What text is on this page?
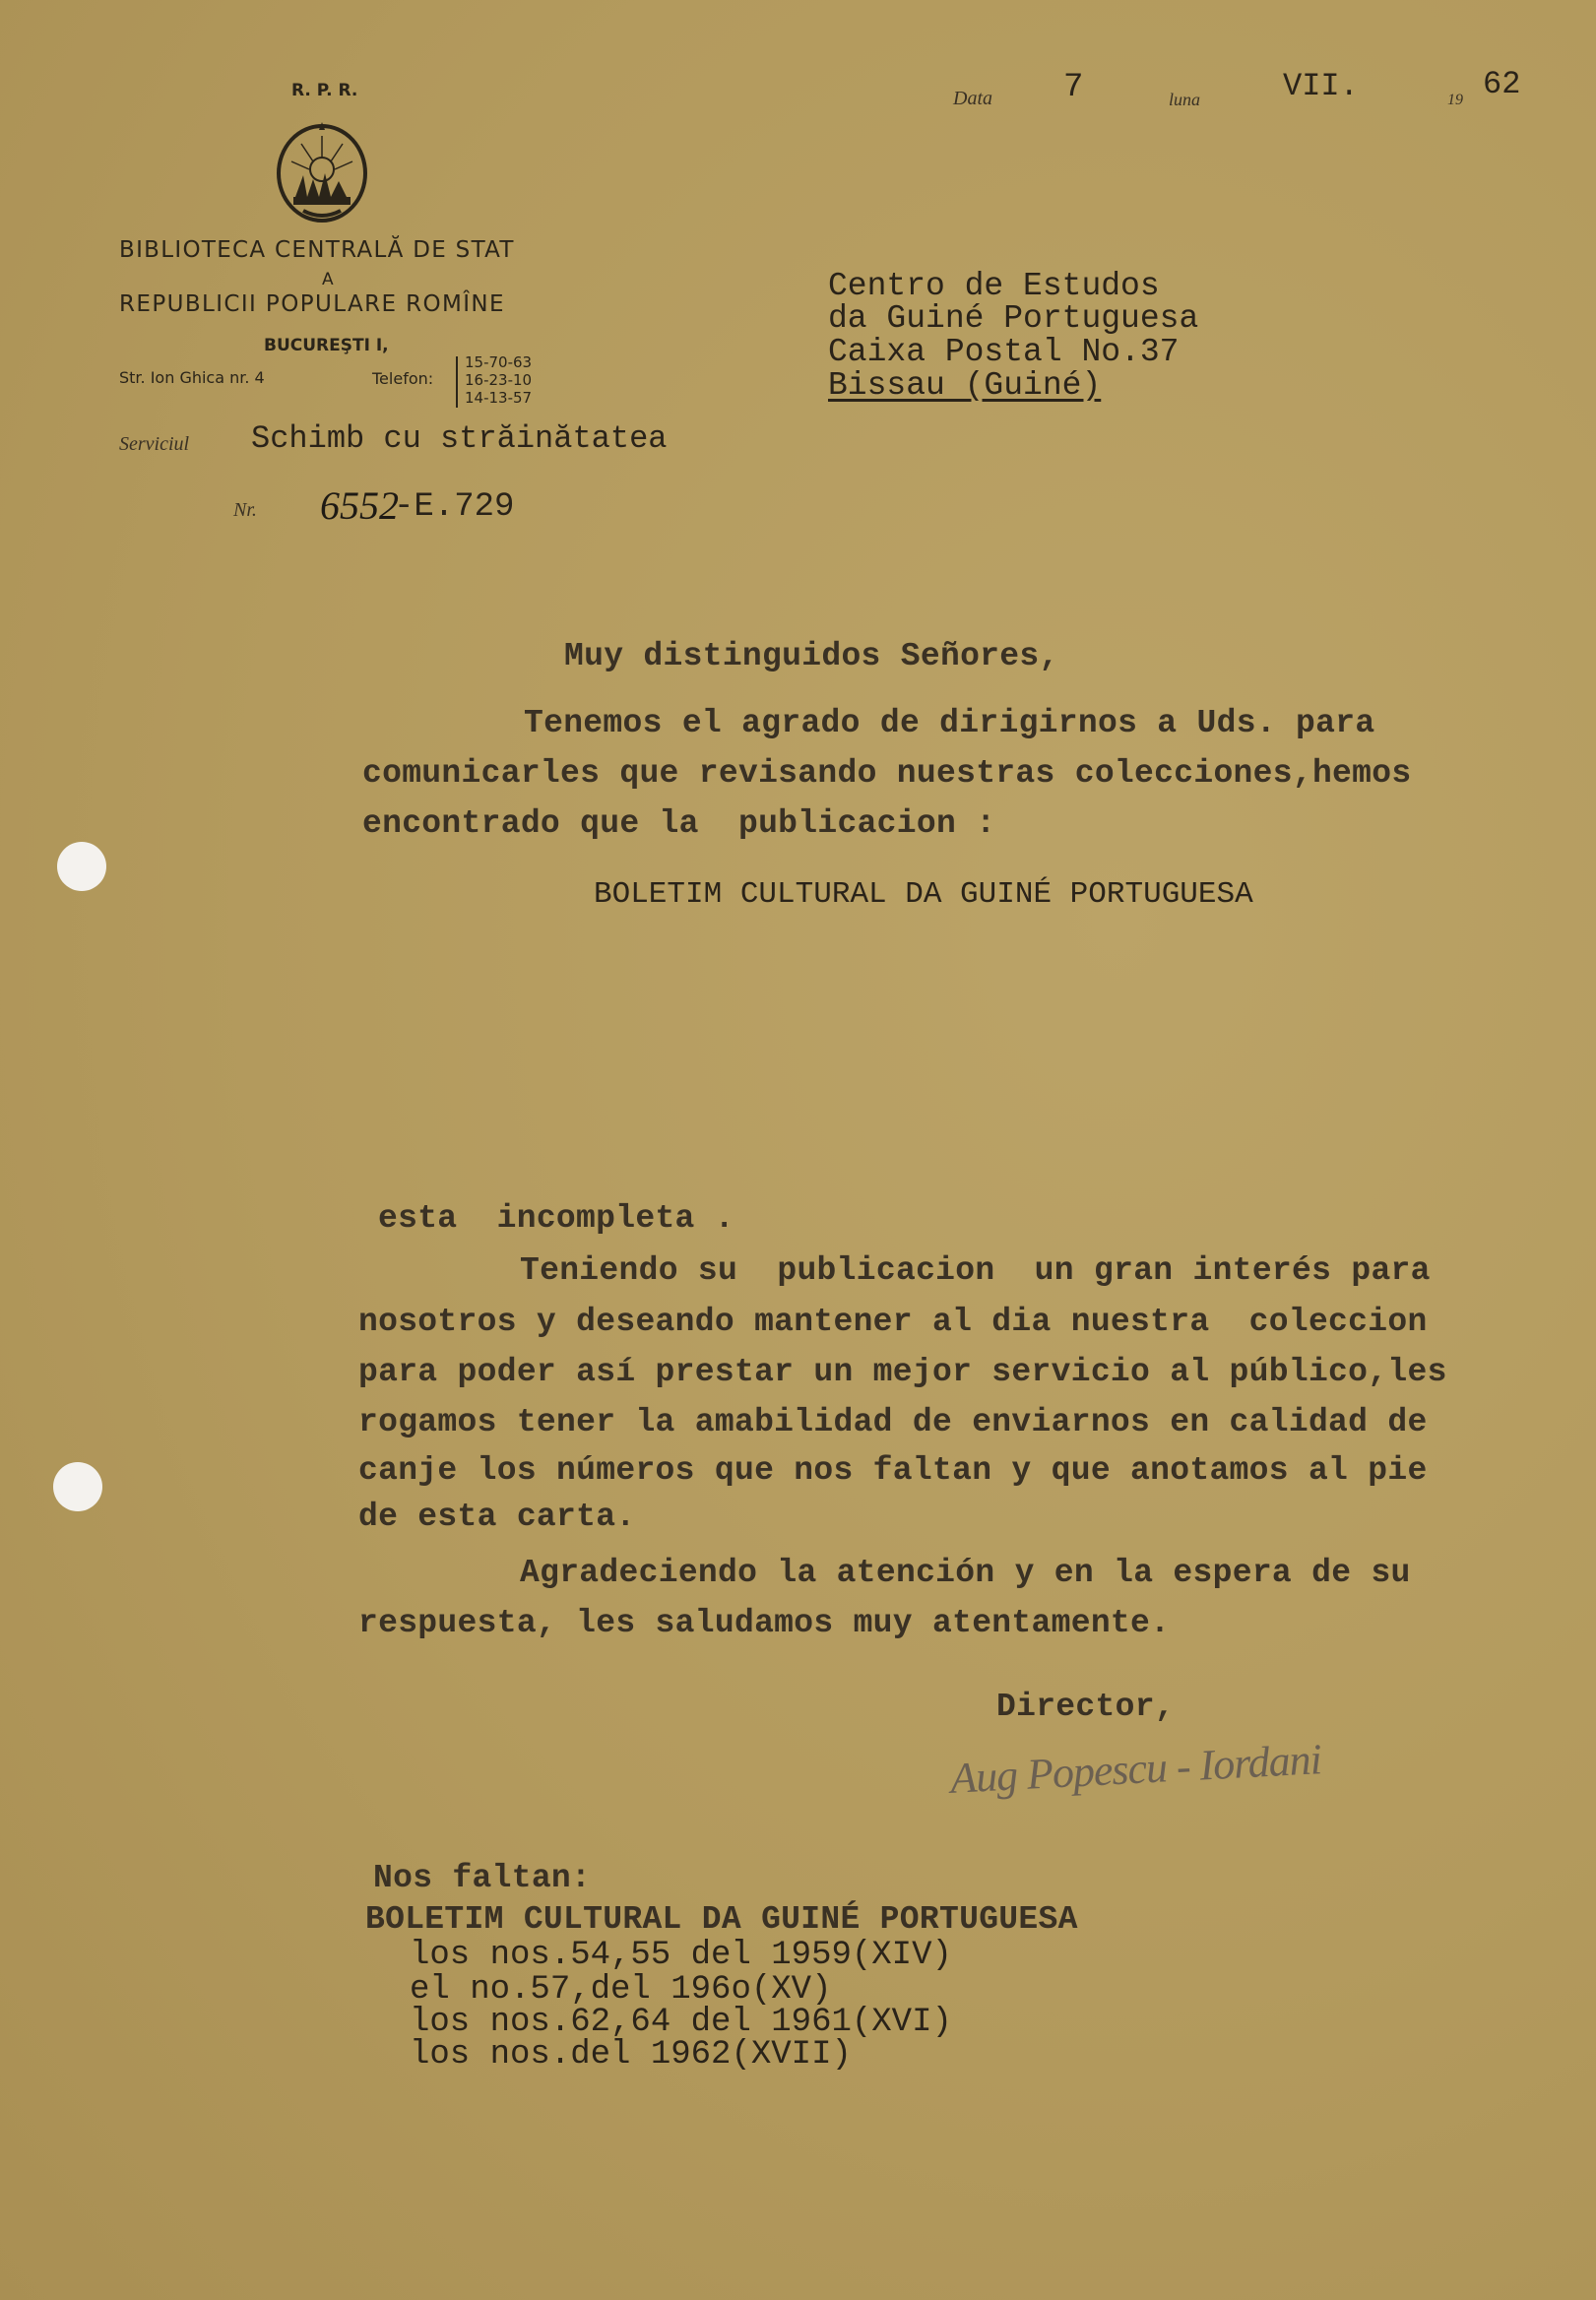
R. P. R.
BIBLIOTECA CENTRALĂ DE STAT
A
REPUBLICII POPULARE ROMÎNE
BUCUREŞTI I,
Str. Ion Ghica nr. 4	Telefon:
15-70-63
16-23-10
14-13-57
Serviciul Schimb cu străinătatea
Nr. 6552
-E.729
Data 7	luna	VII.	19 62
Centro de Estudos
da Guiné Portuguesa
Caixa Postal No.37
Bissau (Guiné)
Muy distinguidos Señores,
Tenemos el agrado de dirigirnos a Uds. para
comunicarles que revisando nuestras colecciones,hemos
encontrado que la  publicacion :
BOLETIM CULTURAL DA GUINÉ PORTUGUESA
esta  incompleta .
Teniendo su  publicacion  un gran interés para
nosotros y deseando mantener al dia nuestra  coleccion
para poder así prestar un mejor servicio al público,les
rogamos tener la amabilidad de enviarnos en calidad de
canje los números que nos faltan y que anotamos al pie
de esta carta.
Agradeciendo la atención y en la espera de su
respuesta, les saludamos muy atentamente.
Director,
Aug Popescu - Iordani
Nos faltan:
BOLETIM CULTURAL DA GUINÉ PORTUGUESA
los nos.54,55 del 1959(XIV)
el no.57,del 196o(XV)
los nos.62,64 del 1961(XVI)
los nos.del 1962(XVII)
